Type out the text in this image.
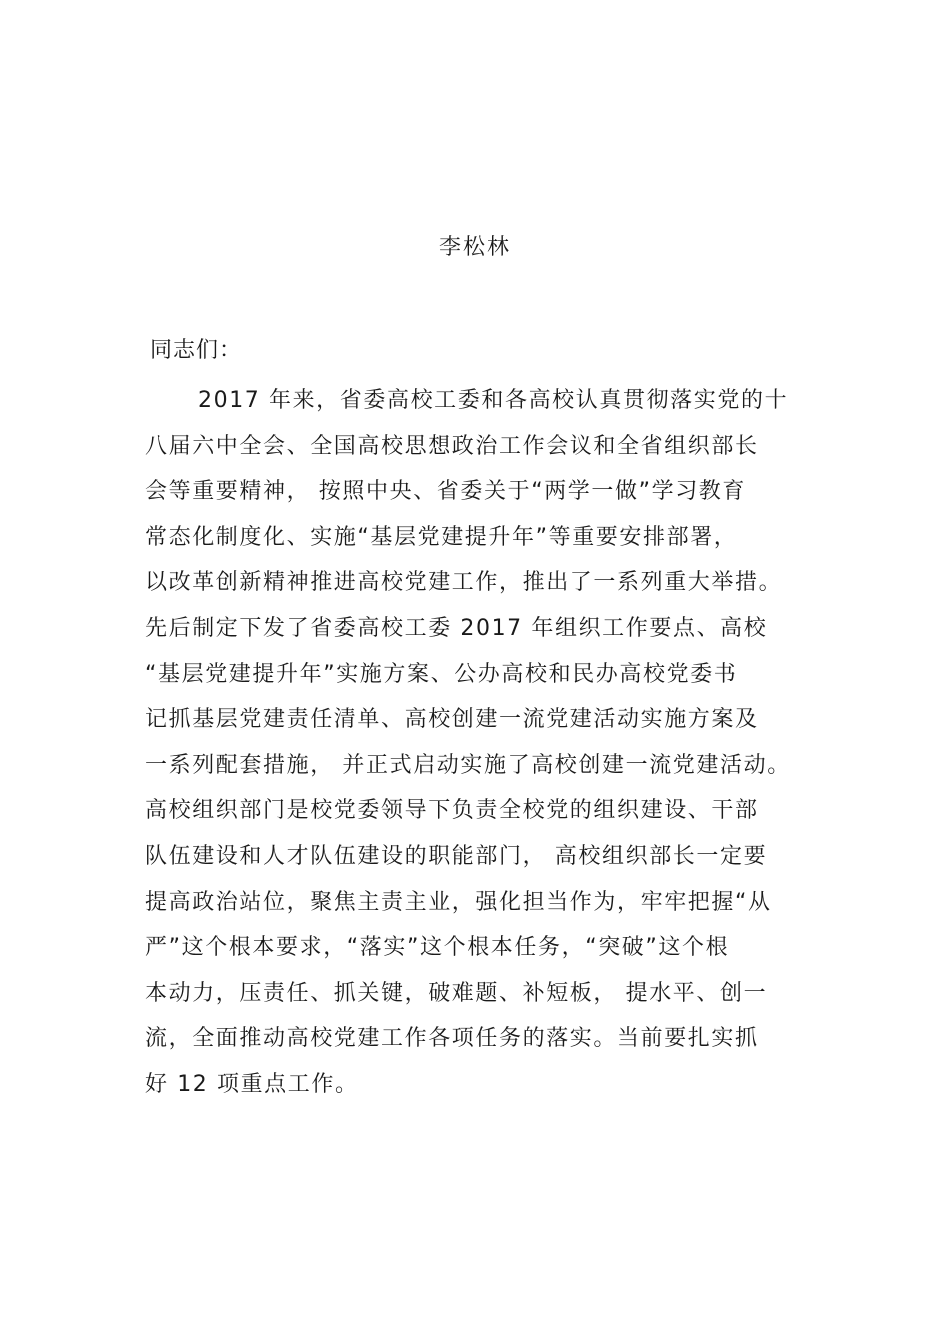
李松林
同志们：
2017 年来，省委高校工委和各高校认真贯彻落实党的十
八届六中全会、全国高校思想政治工作会议和全省组织部长
会等重要精神， 按照中央、省委关于“两学一做”学习教育
常态化制度化、实施“基层党建提升年”等重要安排部署，
以改革创新精神推进高校党建工作，推出了一系列重大举措。
先后制定下发了省委高校工委 2017 年组织工作要点、高校
“基层党建提升年”实施方案、公办高校和民办高校党委书
记抓基层党建责任清单、高校创建一流党建活动实施方案及
一系列配套措施， 并正式启动实施了高校创建一流党建活动。
高校组织部门是校党委领导下负责全校党的组织建设、干部
队伍建设和人才队伍建设的职能部门， 高校组织部长一定要
提高政治站位，聚焦主责主业，强化担当作为，牢牢把握“从
严”这个根本要求，“落实”这个根本任务，“突破”这个根
本动力，压责任、抓关键，破难题、补短板， 提水平、创一
流，全面推动高校党建工作各项任务的落实。当前要扎实抓
好 12 项重点工作。
